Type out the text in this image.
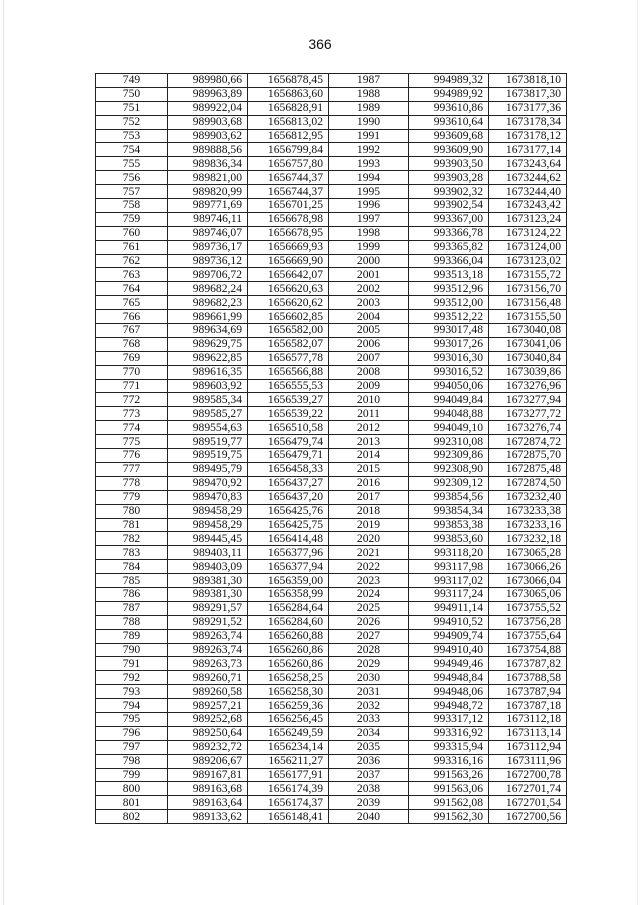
366
749	989980,66	1656878,45	1987	994989,32	1673818,10
750	989963,89	1656863,60	1988	994989,92	1673817,30
751	989922,04	1656828,91	1989	993610,86	1673177,36
752	989903,68	1656813,02	1990	993610,64	1673178,34
753	989903,62	1656812,95	1991	993609,68	1673178,12
754	989888,56	1656799,84	1992	993609,90	1673177,14
755	989836,34	1656757,80	1993	993903,50	1673243,64
756	989821,00	1656744,37	1994	993903,28	1673244,62
757	989820,99	1656744,37	1995	993902,32	1673244,40
758	989771,69	1656701,25	1996	993902,54	1673243,42
759	989746,11	1656678,98	1997	993367,00	1673123,24
760	989746,07	1656678,95	1998	993366,78	1673124,22
761	989736,17	1656669,93	1999	993365,82	1673124,00
762	989736,12	1656669,90	2000	993366,04	1673123,02
763	989706,72	1656642,07	2001	993513,18	1673155,72
764	989682,24	1656620,63	2002	993512,96	1673156,70
765	989682,23	1656620,62	2003	993512,00	1673156,48
766	989661,99	1656602,85	2004	993512,22	1673155,50
767	989634,69	1656582,00	2005	993017,48	1673040,08
768	989629,75	1656582,07	2006	993017,26	1673041,06
769	989622,85	1656577,78	2007	993016,30	1673040,84
770	989616,35	1656566,88	2008	993016,52	1673039,86
771	989603,92	1656555,53	2009	994050,06	1673276,96
772	989585,34	1656539,27	2010	994049,84	1673277,94
773	989585,27	1656539,22	2011	994048,88	1673277,72
774	989554,63	1656510,58	2012	994049,10	1673276,74
775	989519,77	1656479,74	2013	992310,08	1672874,72
776	989519,75	1656479,71	2014	992309,86	1672875,70
777	989495,79	1656458,33	2015	992308,90	1672875,48
778	989470,92	1656437,27	2016	992309,12	1672874,50
779	989470,83	1656437,20	2017	993854,56	1673232,40
780	989458,29	1656425,76	2018	993854,34	1673233,38
781	989458,29	1656425,75	2019	993853,38	1673233,16
782	989445,45	1656414,48	2020	993853,60	1673232,18
783	989403,11	1656377,96	2021	993118,20	1673065,28
784	989403,09	1656377,94	2022	993117,98	1673066,26
785	989381,30	1656359,00	2023	993117,02	1673066,04
786	989381,30	1656358,99	2024	993117,24	1673065,06
787	989291,57	1656284,64	2025	994911,14	1673755,52
788	989291,52	1656284,60	2026	994910,52	1673756,28
789	989263,74	1656260,88	2027	994909,74	1673755,64
790	989263,74	1656260,86	2028	994910,40	1673754,88
791	989263,73	1656260,86	2029	994949,46	1673787,82
792	989260,71	1656258,25	2030	994948,84	1673788,58
793	989260,58	1656258,30	2031	994948,06	1673787,94
794	989257,21	1656259,36	2032	994948,72	1673787,18
795	989252,68	1656256,45	2033	993317,12	1673112,18
796	989250,64	1656249,59	2034	993316,92	1673113,14
797	989232,72	1656234,14	2035	993315,94	1673112,94
798	989206,67	1656211,27	2036	993316,16	1673111,96
799	989167,81	1656177,91	2037	991563,26	1672700,78
800	989163,68	1656174,39	2038	991563,06	1672701,74
801	989163,64	1656174,37	2039	991562,08	1672701,54
802	989133,62	1656148,41	2040	991562,30	1672700,56
